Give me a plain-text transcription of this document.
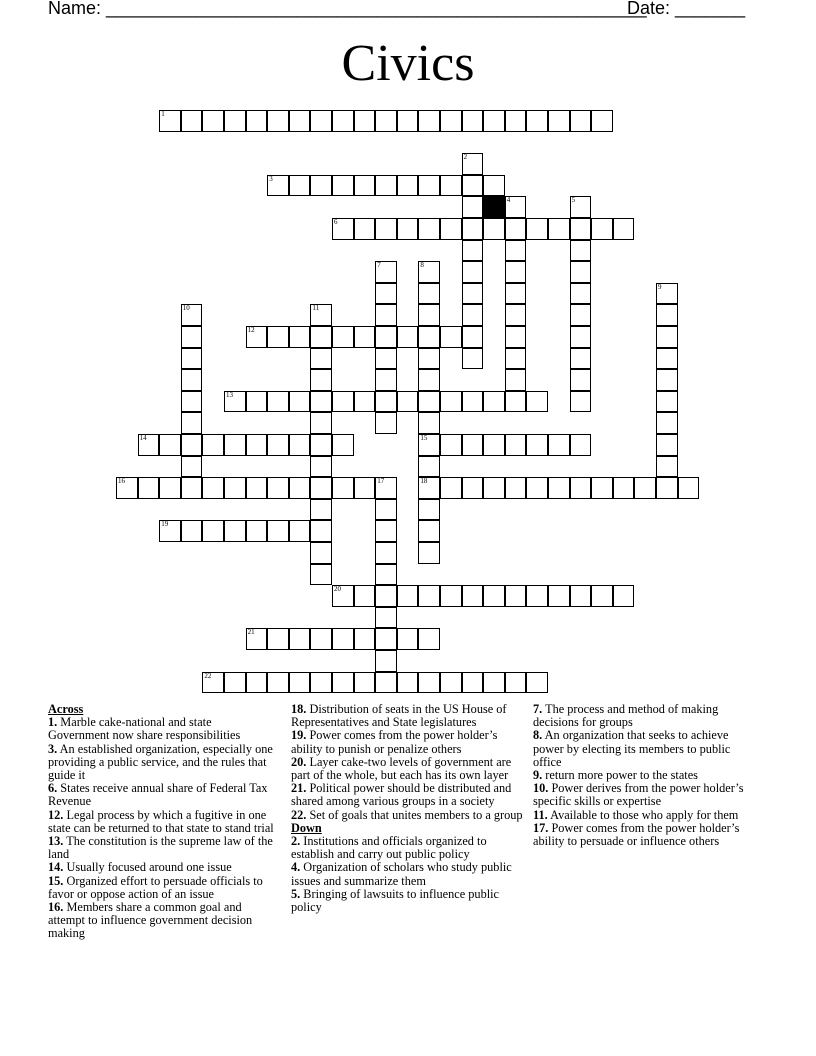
Name: ______________________________________________________
Date: _______
Civics
1
3
6
12
13
14	15
16	18
19
20
21
22
2
4	5
7	8
9
10	11
17
Across
1. Marble cake-national and state Government now share responsibilities
3. An established organization, especially one providing a public service, and the rules that guide it
6. States receive annual share of Federal Tax Revenue
12. Legal process by which a fugitive in one state can be returned to that state to stand trial
13. The constitution is the supreme law of the land
14. Usually focused around one issue
15. Organized effort to persuade officials to favor or oppose action of an issue
16. Members share a common goal and attempt to influence government decision making
18. Distribution of seats in the US House of Representatives and State legislatures
19. Power comes from the power holder’s ability to punish or penalize others
20. Layer cake-two levels of government are part of the whole, but each has its own layer
21. Political power should be distributed and shared among various groups in a society
22. Set of goals that unites members to a group
Down
2. Institutions and officials organized to establish and carry out public policy
4. Organization of scholars who study public issues and summarize them
5. Bringing of lawsuits to influence public policy
7. The process and method of making decisions for groups
8. An organization that seeks to achieve power by electing its members to public office
9. return more power to the states
10. Power derives from the power holder’s specific skills or expertise
11. Available to those who apply for them
17. Power comes from the power holder’s ability to persuade or influence others
